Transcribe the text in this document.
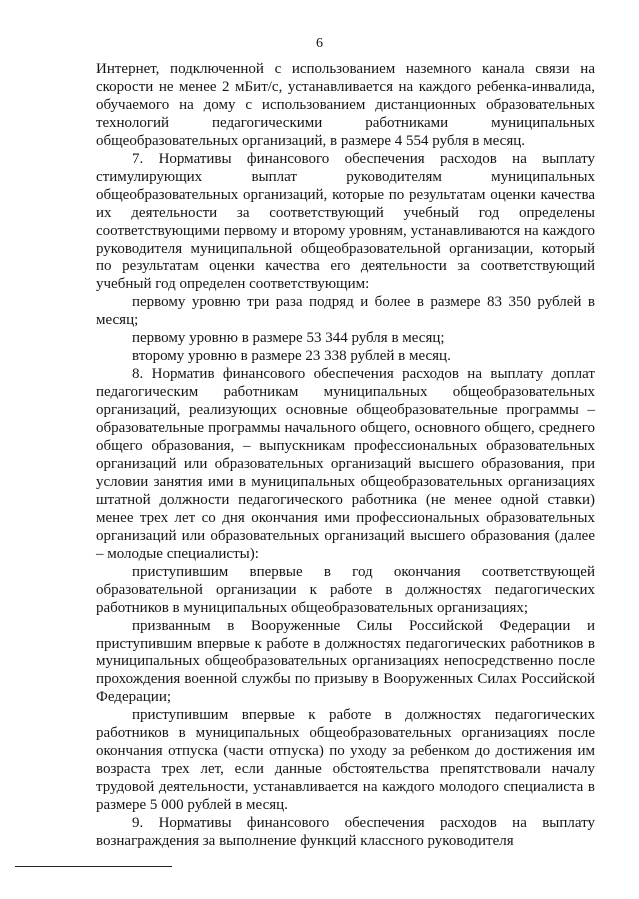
6

Интернет, подключенной с использованием наземного канала связи на скорости не менее 2 мБит/с, устанавливается на каждого ребенка-инвалида, обучаемого на дому с использованием дистанционных образовательных технологий педагогическими работниками муниципальных общеобразовательных организаций, в размере 4 554 рубля в месяц.

7. Нормативы финансового обеспечения расходов на выплату стимулирующих выплат руководителям муниципальных общеобразовательных организаций, которые по результатам оценки качества их деятельности за соответствующий учебный год определены соответствующими первому и второму уровням, устанавливаются на каждого руководителя муниципальной общеобразовательной организации, который по результатам оценки качества его деятельности за соответствующий учебный год определен соответствующим:

первому уровню три раза подряд и более в размере 83 350 рублей в месяц;

первому уровню в размере 53 344 рубля в месяц;

второму уровню в размере 23 338 рублей в месяц.

8. Норматив финансового обеспечения расходов на выплату доплат педагогическим работникам муниципальных общеобразовательных организаций, реализующих основные общеобразовательные программы – образовательные программы начального общего, основного общего, среднего общего образования, – выпускникам профессиональных образовательных организаций или образовательных организаций высшего образования, при условии занятия ими в муниципальных общеобразовательных организациях штатной должности педагогического работника (не менее одной ставки) менее трех лет со дня окончания ими профессиональных образовательных организаций или образовательных организаций высшего образования (далее – молодые специалисты):

приступившим впервые в год окончания соответствующей образовательной организации к работе в должностях педагогических работников в муниципальных общеобразовательных организациях;

призванным в Вооруженные Силы Российской Федерации и приступившим впервые к работе в должностях педагогических работников в муниципальных общеобразовательных организациях непосредственно после прохождения военной службы по призыву в Вооруженных Силах Российской Федерации;

приступившим впервые к работе в должностях педагогических работников в муниципальных общеобразовательных организациях после окончания отпуска (части отпуска) по уходу за ребенком до достижения им возраста трех лет, если данные обстоятельства препятствовали началу трудовой деятельности, устанавливается на каждого молодого специалиста в размере 5 000 рублей в месяц.

9. Нормативы финансового обеспечения расходов на выплату вознаграждения за выполнение функций классного руководителя
